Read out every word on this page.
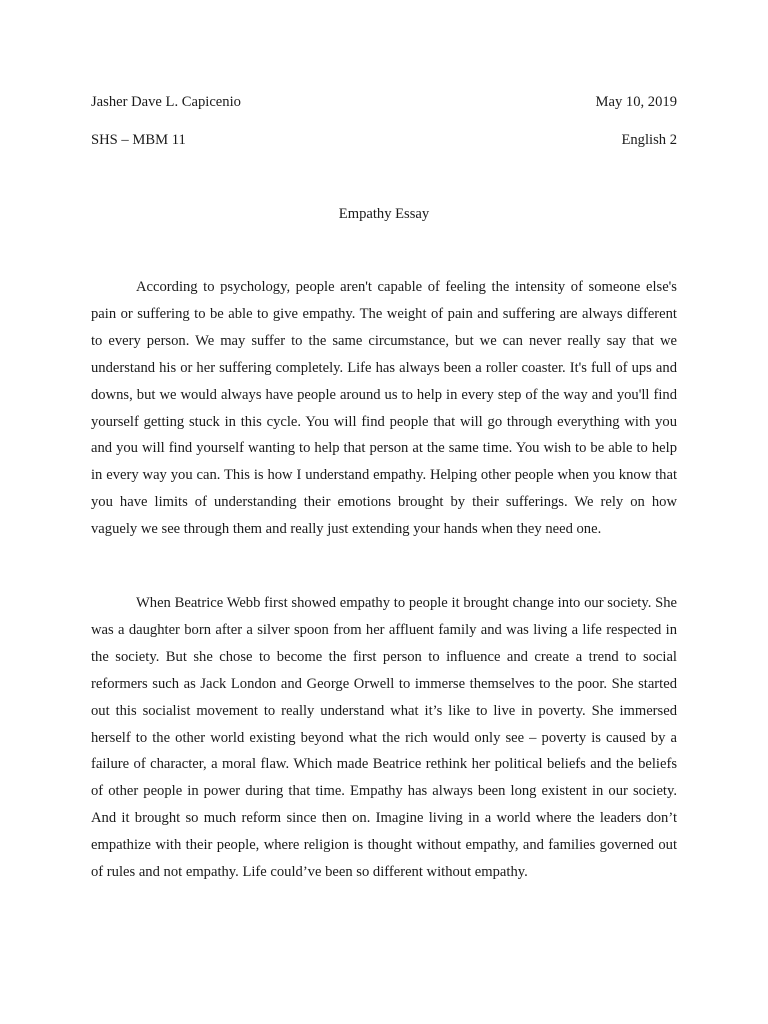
Jasher Dave L. Capicenio	May 10, 2019
SHS – MBM 11	English 2
Empathy Essay

According to psychology, people aren't capable of feeling the intensity of someone else's pain or suffering to be able to give empathy. The weight of pain and suffering are always different to every person. We may suffer to the same circumstance, but we can never really say that we understand his or her suffering completely. Life has always been a roller coaster. It's full of ups and downs, but we would always have people around us to help in every step of the way and you'll find yourself getting stuck in this cycle. You will find people that will go through everything with you and you will find yourself wanting to help that person at the same time. You wish to be able to help in every way you can. This is how I understand empathy. Helping other people when you know that you have limits of understanding their emotions brought by their sufferings. We rely on how vaguely we see through them and really just extending your hands when they need one.

When Beatrice Webb first showed empathy to people it brought change into our society. She was a daughter born after a silver spoon from her affluent family and was living a life respected in the society. But she chose to become the first person to influence and create a trend to social reformers such as Jack London and George Orwell to immerse themselves to the poor. She started out this socialist movement to really understand what it’s like to live in poverty. She immersed herself to the other world existing beyond what the rich would only see – poverty is caused by a failure of character, a moral flaw. Which made Beatrice rethink her political beliefs and the beliefs of other people in power during that time. Empathy has always been long existent in our society. And it brought so much reform since then on. Imagine living in a world where the leaders don’t empathize with their people, where religion is thought without empathy, and families governed out of rules and not empathy. Life could’ve been so different without empathy.
